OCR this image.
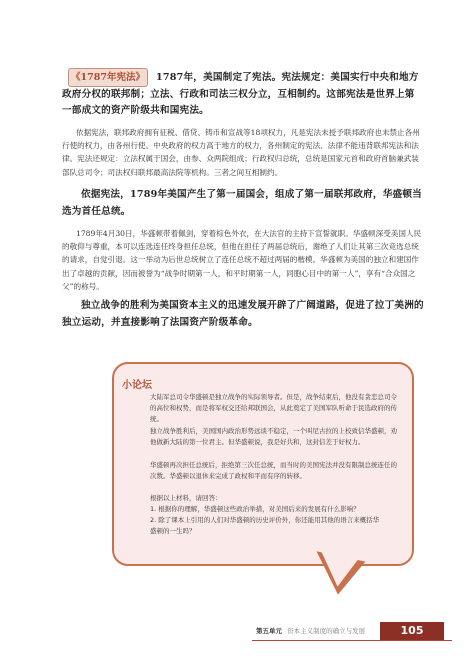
《1787年宪法》	1787年，美国制定了宪法。宪法规定：美国实行中央和地方政府分权的联邦制；立法、行政和司法三权分立，互相制约。这部宪法是世界上第一部成文的资产阶级共和国宪法。
依据宪法，联邦政府拥有征税、借贷、铸币和宣战等18项权力，凡是宪法未授予联邦政府也未禁止各州行使的权力，由各州行使。中央政府的权力高于地方的权力，各州制定的宪法、法律不能违背联邦宪法和法律。宪法还规定：立法权属于国会，由参、众两院组成；行政权归总统，总统是国家元首和政府首脑兼武装部队总司令；司法权归联邦最高法院等机构。三者之间互相制约。
依据宪法，1789年美国产生了第一届国会，组成了第一届联邦政府，华盛顿当选为首任总统。
1789年4月30日，华盛顿带着佩剑，穿着棕色外衣，在大法官的主持下宣誓就职。华盛顿深受美国人民的敬仰与尊重，本可以连选连任终身担任总统，但他在担任了两届总统后，谢绝了人们让其第三次竞选总统的请求，自觉引退。这一举动为后世总统树立了连任总统不超过两届的楷模。华盛顿为美国的独立和建国作出了卓越的贡献，因而被誉为“战争时期第一人，和平时期第一人，同胞心目中的第一人”，享有“合众国之父”的称号。
独立战争的胜利为美国资本主义的迅速发展开辟了广阔道路，促进了拉丁美洲的独立运动，并直接影响了法国资产阶级革命。
小论坛
大陆军总司令华盛顿是独立战争的实际领导者。但是，战争结束后，他没有贪恋总司令的高位和权势，而是将军权交还给邦联国会，从此奠定了美国军队听命于民选政府的传统。
独立战争胜利后，美国国内政治形势远谈不稳定，一个叫尼古拉的上校致信华盛顿，劝他做新大陆的第一位君主。但华盛顿说，我是好共和，这封信差于好权力。
华盛顿再次担任总统后，拒绝第三次任总统，而当时的美国宪法并没有限制总统连任的次数。华盛顿以退休来完成了政权和平而有序的转移。
根据以上材料，请回答：
1. 根据你的理解，华盛顿这些政治举措，对美国后来的发展有什么影响？
2. 除了课本上引用的人们对华盛顿的历史评价外，你还能用其他的语言来概括华盛顿的一生吗？
第五单元 资本主义制度的确立与发展	105
